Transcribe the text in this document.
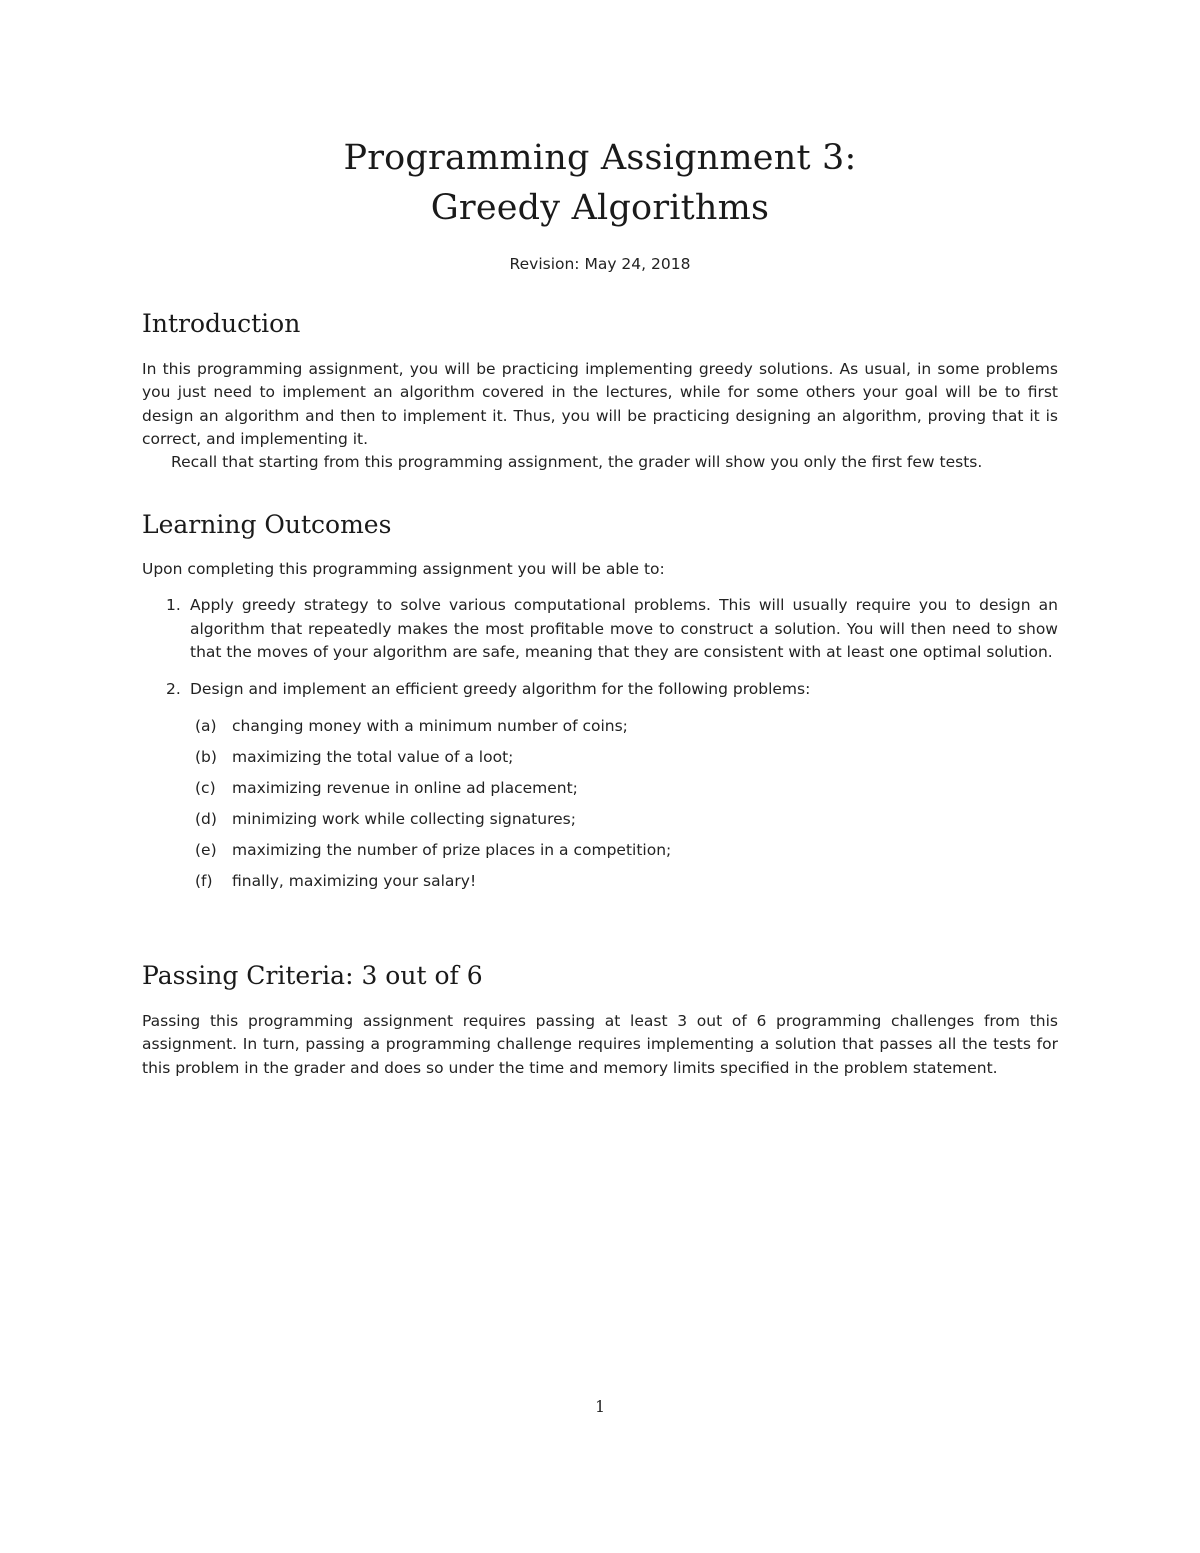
Programming Assignment 3:
Greedy Algorithms
Revision: May 24, 2018
Introduction

In this programming assignment, you will be practicing implementing greedy solutions. As usual, in some problems you just need to implement an algorithm covered in the lectures, while for some others your goal will be to first design an algorithm and then to implement it. Thus, you will be practicing designing an algorithm, proving that it is correct, and implementing it.

Recall that starting from this programming assignment, the grader will show you only the first few tests.

Learning Outcomes

Upon completing this programming assignment you will be able to:

1. Apply greedy strategy to solve various computational problems. This will usually require you to design an algorithm that repeatedly makes the most profitable move to construct a solution. You will then need to show that the moves of your algorithm are safe, meaning that they are consistent with at least one optimal solution.

2. Design and implement an efficient greedy algorithm for the following problems:

(a) changing money with a minimum number of coins;

(b) maximizing the total value of a loot;

(c) maximizing revenue in online ad placement;

(d) minimizing work while collecting signatures;

(e) maximizing the number of prize places in a competition;

(f) finally, maximizing your salary!

Passing Criteria: 3 out of 6

Passing this programming assignment requires passing at least 3 out of 6 programming challenges from this assignment. In turn, passing a programming challenge requires implementing a solution that passes all the tests for this problem in the grader and does so under the time and memory limits specified in the problem statement.

1
